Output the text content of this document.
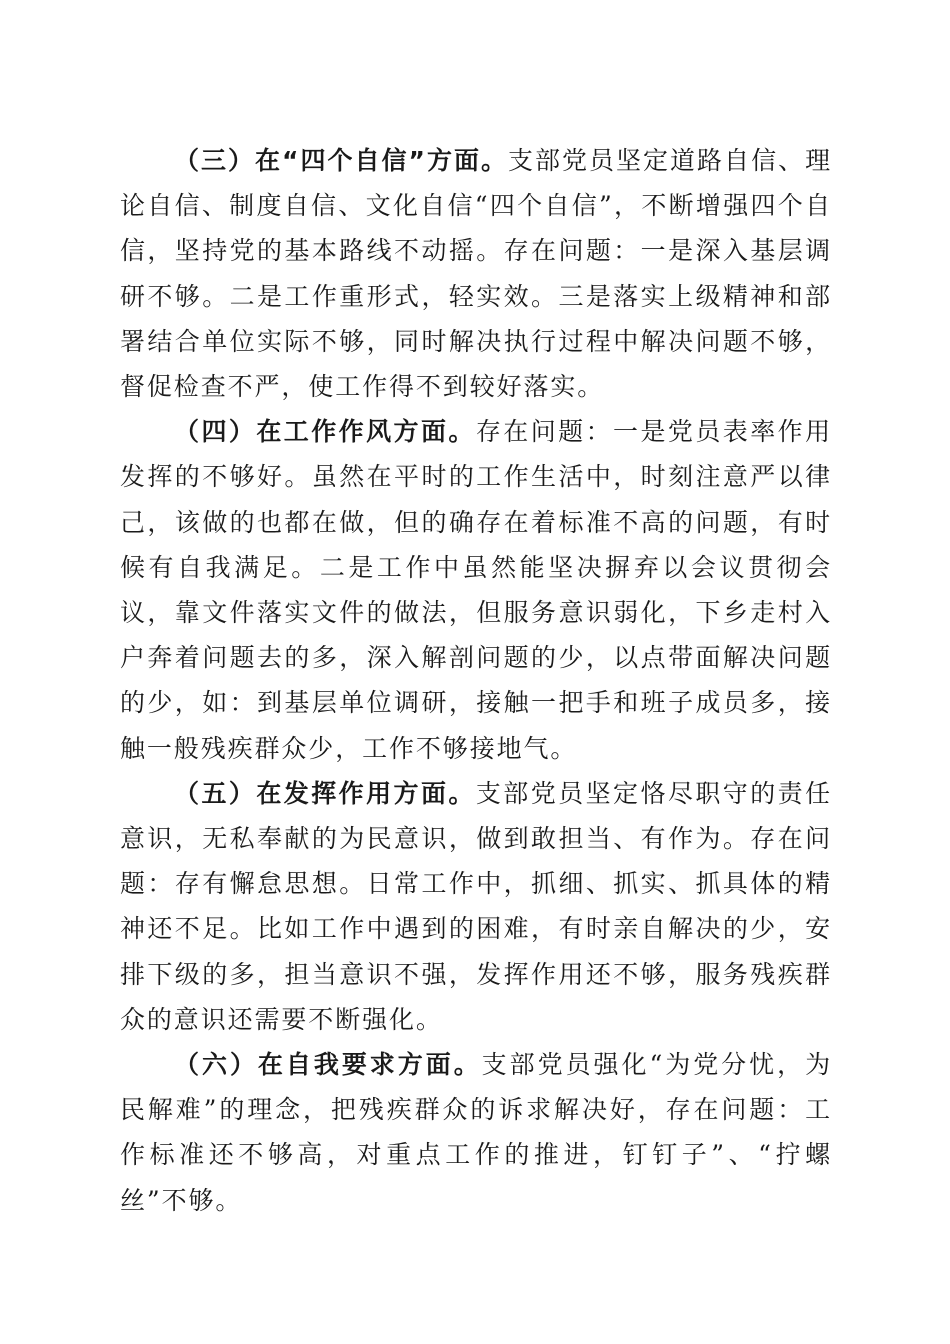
（三）在“四个自信”方面。支部党员坚定道路自信、理论自信、制度自信、文化自信“四个自信”，不断增强四个自信，坚持党的基本路线不动摇。存在问题：一是深入基层调研不够。二是工作重形式，轻实效。三是落实上级精神和部署结合单位实际不够，同时解决执行过程中解决问题不够，督促检查不严，使工作得不到较好落实。

（四）在工作作风方面。存在问题：一是党员表率作用发挥的不够好。虽然在平时的工作生活中，时刻注意严以律己，该做的也都在做，但的确存在着标准不高的问题，有时候有自我满足。二是工作中虽然能坚决摒弃以会议贯彻会议，靠文件落实文件的做法，但服务意识弱化，下乡走村入户奔着问题去的多，深入解剖问题的少，以点带面解决问题的少，如：到基层单位调研，接触一把手和班子成员多，接触一般残疾群众少，工作不够接地气。

（五）在发挥作用方面。支部党员坚定恪尽职守的责任意识，无私奉献的为民意识，做到敢担当、有作为。存在问题：存有懈怠思想。日常工作中，抓细、抓实、抓具体的精神还不足。比如工作中遇到的困难，有时亲自解决的少，安排下级的多，担当意识不强，发挥作用还不够，服务残疾群众的意识还需要不断强化。

（六）在自我要求方面。支部党员强化“为党分忧，为民解难”的理念，把残疾群众的诉求解决好，存在问题：工作标准还不够高，对重点工作的推进，钉钉子”、“拧螺丝”不够。
